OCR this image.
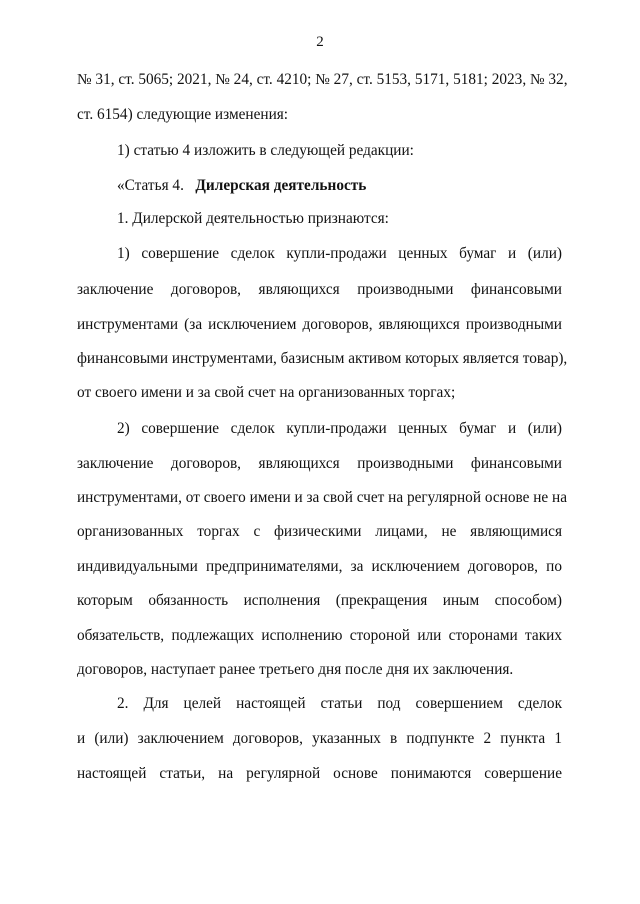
2
№ 31, ст. 5065; 2021, № 24, ст. 4210; № 27, ст. 5153, 5171, 5181; 2023, № 32,
ст. 6154) следующие изменения:
1) статью 4 изложить в следующей редакции:
«Статья 4. Дилерская деятельность
1. Дилерской деятельностью признаются:
1) совершение сделок купли-продажи ценных бумаг и (или)
заключение договоров, являющихся производными финансовыми
инструментами (за исключением договоров, являющихся производными
финансовыми инструментами, базисным активом которых является товар),
от своего имени и за свой счет на организованных торгах;
2) совершение сделок купли-продажи ценных бумаг и (или)
заключение договоров, являющихся производными финансовыми
инструментами, от своего имени и за свой счет на регулярной основе не на
организованных торгах с физическими лицами, не являющимися
индивидуальными предпринимателями, за исключением договоров, по
которым обязанность исполнения (прекращения иным способом)
обязательств, подлежащих исполнению стороной или сторонами таких
договоров, наступает ранее третьего дня после дня их заключения.
2. Для целей настоящей статьи под совершением сделок
и (или) заключением договоров, указанных в подпункте 2 пункта 1
настоящей статьи, на регулярной основе понимаются совершение
